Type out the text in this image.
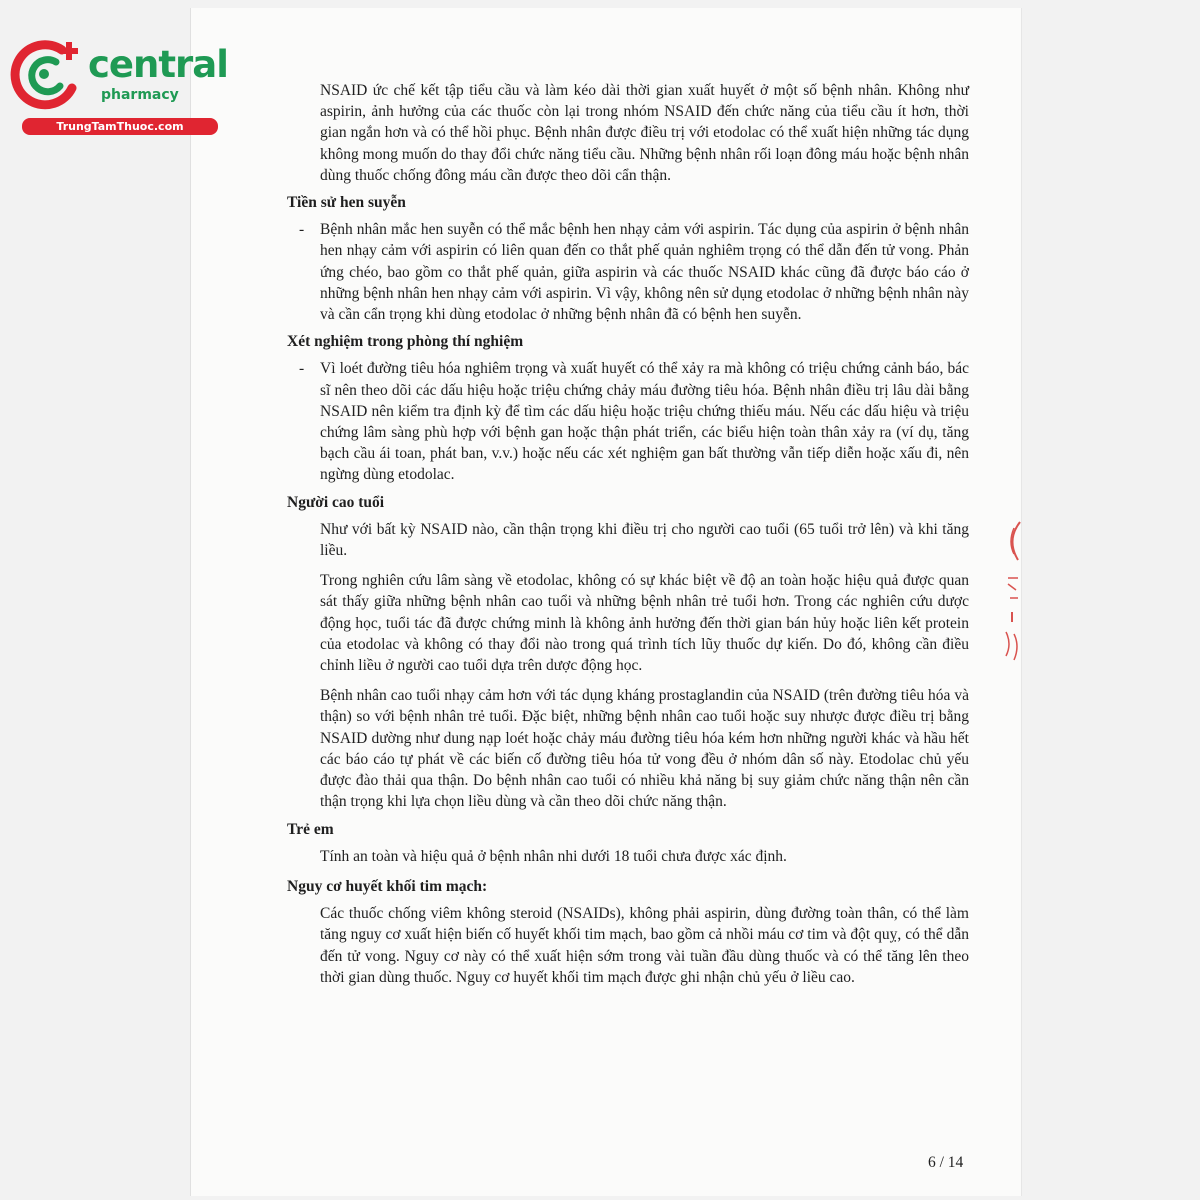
central
pharmacy
TrungTamThuoc.com

NSAID ức chế kết tập tiểu cầu và làm kéo dài thời gian xuất huyết ở một số bệnh nhân. Không như aspirin, ảnh hưởng của các thuốc còn lại trong nhóm NSAID đến chức năng của tiểu cầu ít hơn, thời gian ngắn hơn và có thể hồi phục. Bệnh nhân được điều trị với etodolac có thể xuất hiện những tác dụng không mong muốn do thay đổi chức năng tiểu cầu. Những bệnh nhân rối loạn đông máu hoặc bệnh nhân dùng thuốc chống đông máu cần được theo dõi cẩn thận.

Tiền sử hen suyễn

- Bệnh nhân mắc hen suyễn có thể mắc bệnh hen nhạy cảm với aspirin. Tác dụng của aspirin ở bệnh nhân hen nhạy cảm với aspirin có liên quan đến co thắt phế quản nghiêm trọng có thể dẫn đến tử vong. Phản ứng chéo, bao gồm co thắt phế quản, giữa aspirin và các thuốc NSAID khác cũng đã được báo cáo ở những bệnh nhân hen nhạy cảm với aspirin. Vì vậy, không nên sử dụng etodolac ở những bệnh nhân này và cần cẩn trọng khi dùng etodolac ở những bệnh nhân đã có bệnh hen suyễn.

Xét nghiệm trong phòng thí nghiệm

- Vì loét đường tiêu hóa nghiêm trọng và xuất huyết có thể xảy ra mà không có triệu chứng cảnh báo, bác sĩ nên theo dõi các dấu hiệu hoặc triệu chứng chảy máu đường tiêu hóa. Bệnh nhân điều trị lâu dài bằng NSAID nên kiểm tra định kỳ để tìm các dấu hiệu hoặc triệu chứng thiếu máu. Nếu các dấu hiệu và triệu chứng lâm sàng phù hợp với bệnh gan hoặc thận phát triển, các biểu hiện toàn thân xảy ra (ví dụ, tăng bạch cầu ái toan, phát ban, v.v.) hoặc nếu các xét nghiệm gan bất thường vẫn tiếp diễn hoặc xấu đi, nên ngừng dùng etodolac.

Người cao tuổi

Như với bất kỳ NSAID nào, cần thận trọng khi điều trị cho người cao tuổi (65 tuổi trở lên) và khi tăng liều.

Trong nghiên cứu lâm sàng về etodolac, không có sự khác biệt về độ an toàn hoặc hiệu quả được quan sát thấy giữa những bệnh nhân cao tuổi và những bệnh nhân trẻ tuổi hơn. Trong các nghiên cứu dược động học, tuổi tác đã được chứng minh là không ảnh hưởng đến thời gian bán hủy hoặc liên kết protein của etodolac và không có thay đổi nào trong quá trình tích lũy thuốc dự kiến. Do đó, không cần điều chỉnh liều ở người cao tuổi dựa trên dược động học.

Bệnh nhân cao tuổi nhạy cảm hơn với tác dụng kháng prostaglandin của NSAID (trên đường tiêu hóa và thận) so với bệnh nhân trẻ tuổi. Đặc biệt, những bệnh nhân cao tuổi hoặc suy nhược được điều trị bằng NSAID dường như dung nạp loét hoặc chảy máu đường tiêu hóa kém hơn những người khác và hầu hết các báo cáo tự phát về các biến cố đường tiêu hóa tử vong đều ở nhóm dân số này. Etodolac chủ yếu được đào thải qua thận. Do bệnh nhân cao tuổi có nhiều khả năng bị suy giảm chức năng thận nên cần thận trọng khi lựa chọn liều dùng và cần theo dõi chức năng thận.

Trẻ em

Tính an toàn và hiệu quả ở bệnh nhân nhi dưới 18 tuổi chưa được xác định.

Nguy cơ huyết khối tim mạch:

Các thuốc chống viêm không steroid (NSAIDs), không phải aspirin, dùng đường toàn thân, có thể làm tăng nguy cơ xuất hiện biến cố huyết khối tim mạch, bao gồm cả nhồi máu cơ tim và đột quỵ, có thể dẫn đến tử vong. Nguy cơ này có thể xuất hiện sớm trong vài tuần đầu dùng thuốc và có thể tăng lên theo thời gian dùng thuốc. Nguy cơ huyết khối tim mạch được ghi nhận chủ yếu ở liều cao.

6 / 14
